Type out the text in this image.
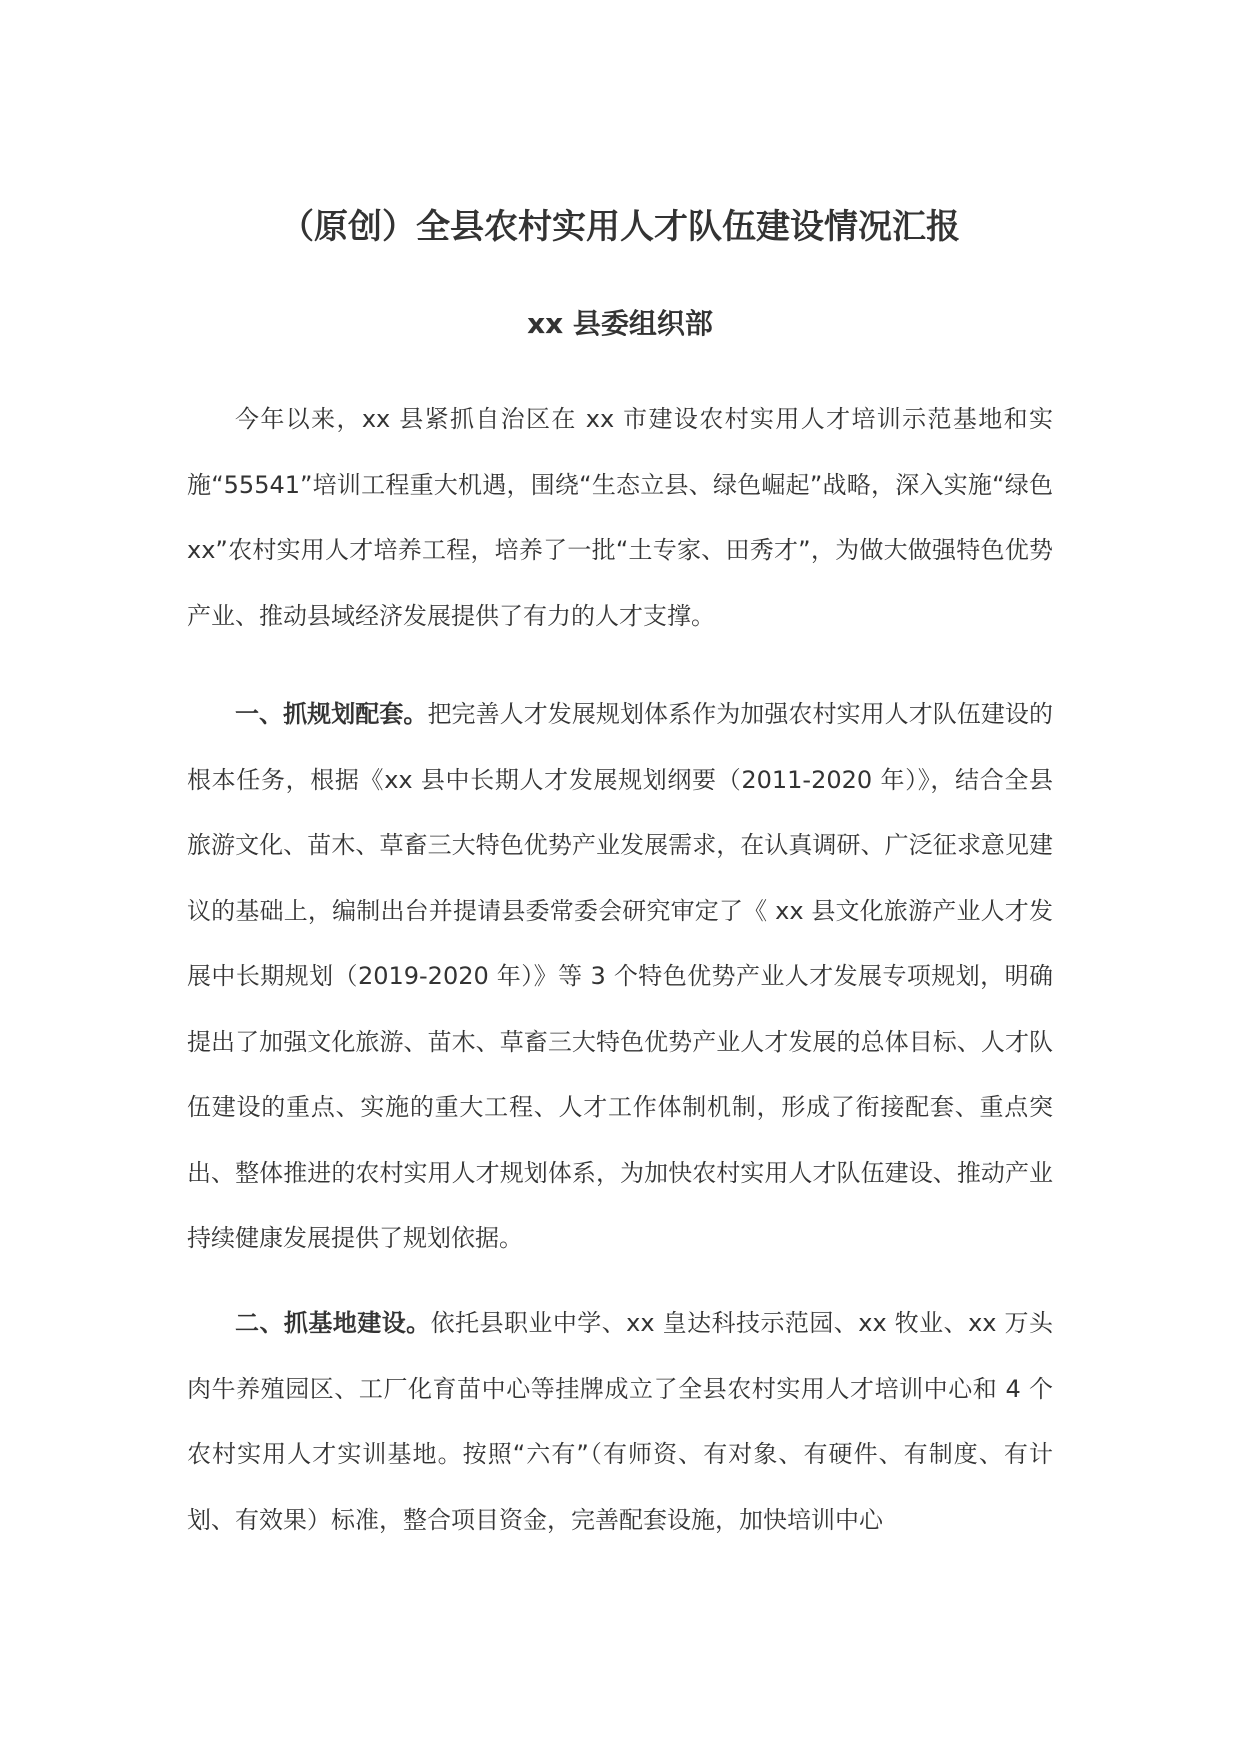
（原创）全县农村实用人才队伍建设情况汇报
xx 县委组织部

今年以来，xx 县紧抓自治区在 xx 市建设农村实用人才培训示范基地和实施“55541”培训工程重大机遇，围绕“生态立县、绿色崛起”战略，深入实施“绿色 xx”农村实用人才培养工程，培养了一批“土专家、田秀才”，为做大做强特色优势产业、推动县域经济发展提供了有力的人才支撑。

一、抓规划配套。把完善人才发展规划体系作为加强农村实用人才队伍建设的根本任务，根据《xx 县中长期人才发展规划纲要（2011-2020 年）》，结合全县旅游文化、苗木、草畜三大特色优势产业发展需求，在认真调研、广泛征求意见建议的基础上，编制出台并提请县委常委会研究审定了《 xx 县文化旅游产业人才发展中长期规划（2019-2020 年）》等 3 个特色优势产业人才发展专项规划，明确提出了加强文化旅游、苗木、草畜三大特色优势产业人才发展的总体目标、人才队伍建设的重点、实施的重大工程、人才工作体制机制，形成了衔接配套、重点突出、整体推进的农村实用人才规划体系，为加快农村实用人才队伍建设、推动产业持续健康发展提供了规划依据。

二、抓基地建设。依托县职业中学、xx 皇达科技示范园、xx 牧业、xx 万头肉牛养殖园区、工厂化育苗中心等挂牌成立了全县农村实用人才培训中心和 4 个农村实用人才实训基地。按照“六有”（有师资、有对象、有硬件、有制度、有计划、有效果）标准，整合项目资金，完善配套设施，加快培训中心
